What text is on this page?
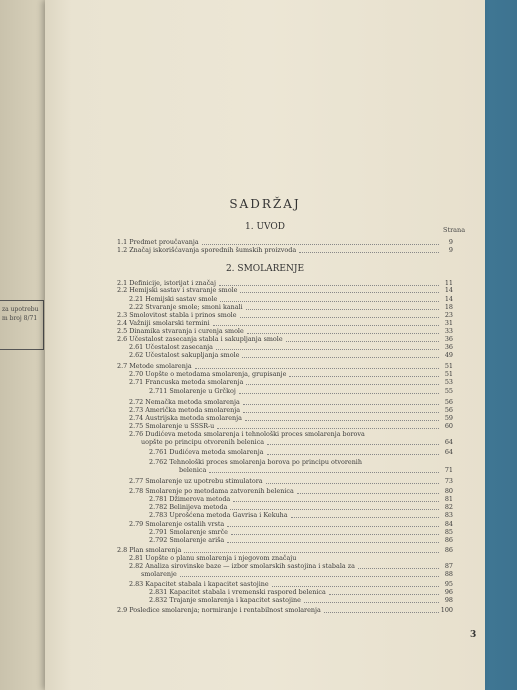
za upotrebu
m broj 8/71
SADRŽAJ
1. UVOD	Strana
2. SMOLARENJE
1.1 Predmet proučavanja	9
1.2 Značaj iskorišćavanja sporednih šumskih proizvoda	9
2.1 Definicije, istorijat i značaj	11
2.2 Hemijski sastav i stvaranje smole	14
2.21 Hemijski sastav smole	14
2.22 Stvaranje smole; smoni kanali	18
2.3 Smolovitost stabla i prinos smole	23
2.4 Važniji smolarski termini	31
2.5 Dinamika stvaranja i curenja smole	33
2.6 Učestalost zasecanja stabla i sakupljanja smole	36
2.61 Učestalost zasecanja	36
2.62 Učestalost sakupljanja smole	49
2.7 Metode smolarenja	51
2.70 Uopšte o metodama smolarenja, grupisanje	51
2.71 Francuska metoda smolarenja	53
2.711 Smolarenje u Grčkoj	55
2.72 Nemačka metoda smolarenja	56
2.73 Američka metoda smolarenja	56
2.74 Austrijska metoda smolarenja	59
2.75 Smolarenje u SSSR-u	60
2.76 Dudićeva metoda smolarenja i tehnološki proces smolarenja borova
uopšte po principu otvorenih belenica	64
2.761 Dudićeva metoda smolarenja	64
2.762 Tehnološki proces smolarenja borova po principu otvorenih
belenica	71
2.77 Smolarenje uz upotrebu stimulatora	73
2.78 Smolarenje po metodama zatvorenih belenica	80
2.781 Džimerova metoda	81
2.782 Belinijeva metoda	82
2.783 Uprošćena metoda Gavrisa i Kekuha	83
2.79 Smolarenje ostalih vrsta	84
2.791 Smolarenje smrče	85
2.792 Smolarenje ariša	86
2.8 Plan smolarenja	86
2.81 Uopšte o planu smolarenja i njegovom značaju
2.82 Analiza sirovinske baze — izbor smolarskih sastojina i stabala za	87
smolarenje	88
2.83 Kapacitet stabala i kapacitet sastojine	95
2.831 Kapacitet stabala i vremenski raspored belenica	96
2.832 Trajanje smolarenja i kapacitet sastojine	98
2.9 Posledice smolarenja; normiranje i rentabilnost smolarenja	100
3
